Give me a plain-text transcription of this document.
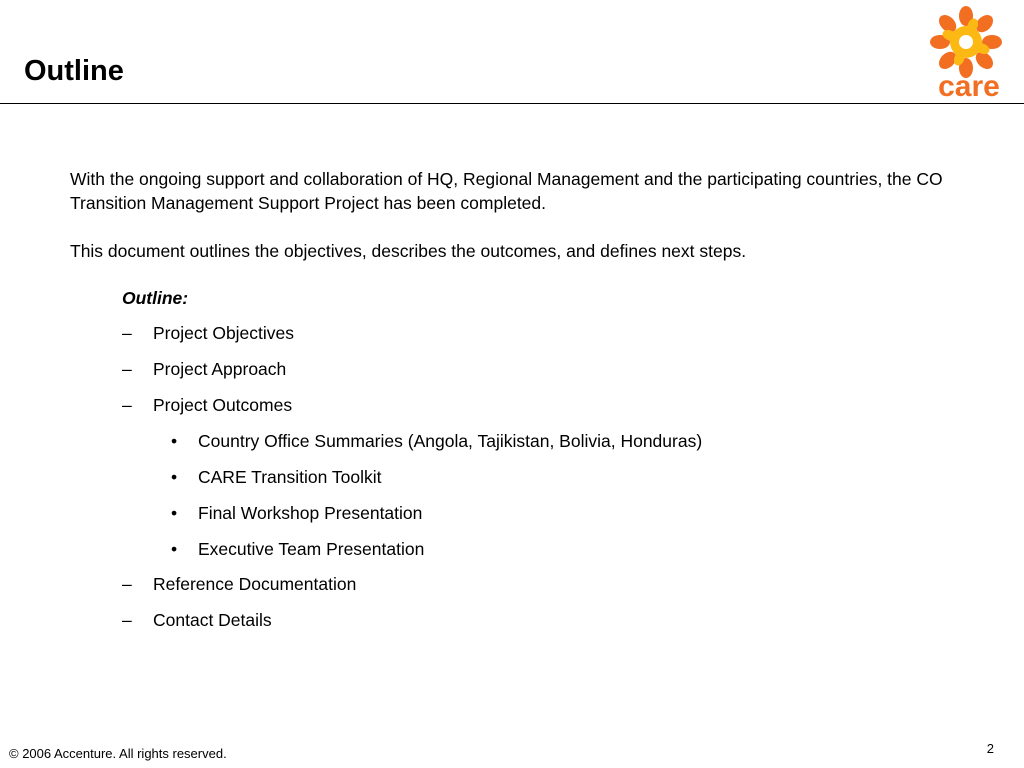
Outline	care

With the ongoing support and collaboration of HQ, Regional Management and the participating countries, the CO Transition Management Support Project has been completed.

This document outlines the objectives, describes the outcomes, and defines next steps.

Outline:
–	Project Objectives
–	Project Approach
–	Project Outcomes
•	Country Office Summaries (Angola, Tajikistan, Bolivia, Honduras)
•	CARE Transition Toolkit
•	Final Workshop Presentation
•	Executive Team Presentation
–	Reference Documentation
–	Contact Details
© 2006 Accenture. All rights reserved.	2
